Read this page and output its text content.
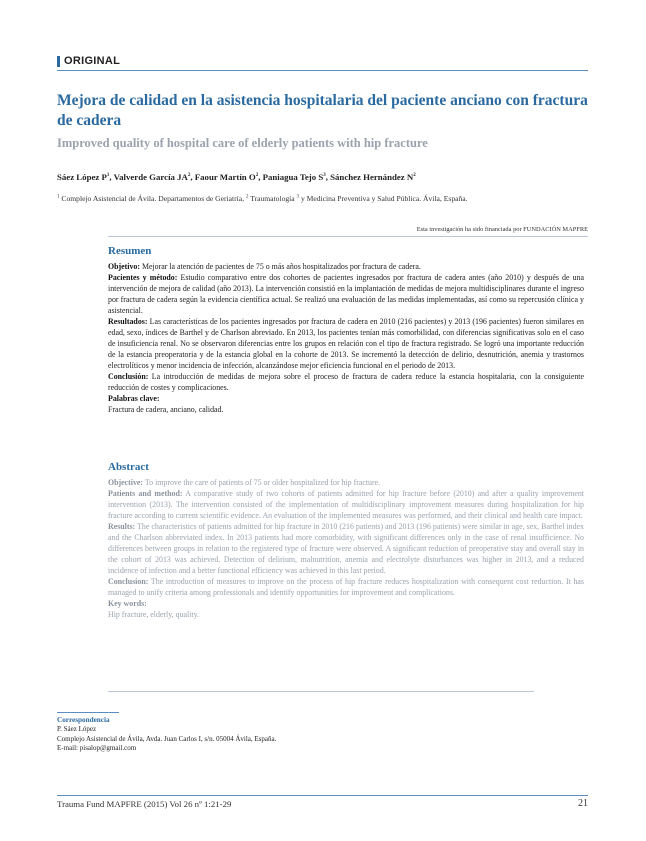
ORIGINAL
Mejora de calidad en la asistencia hospitalaria del paciente anciano con fractura de cadera
Improved quality of hospital care of elderly patients with hip fracture
Sáez López $P^1$, Valverde García $JA^2$, Faour Martín $O^2$, Paniagua Tejo $S^3$, Sánchez Hernández $N^2$
$^1$ Complejo Asistencial de Ávila. Departamentos de Geriatría, $^2$ Traumatología $^3$ y Medicina Preventiva y Salud Pública. Ávila, España.
Esta investigación ha sido financiada por FUNDACIÓN MAPFRE
Resumen

Objetivo: Mejorar la atención de pacientes de 75 o más años hospitalizados por fractura de cadera.

Pacientes y método: Estudio comparativo entre dos cohortes de pacientes ingresados por fractura de cadera antes (año 2010) y después de una intervención de mejora de calidad (año 2013). La intervención consistió en la implantación de medidas de mejora multidisciplinares durante el ingreso por fractura de cadera según la evidencia científica actual. Se realizó una evaluación de las medidas implementadas, así como su repercusión clínica y asistencial.

Resultados: Las características de los pacientes ingresados por fractura de cadera en 2010 (216 pacientes) y 2013 (196 pacientes) fueron similares en edad, sexo, índices de Barthel y de Charlson abreviado. En 2013, los pacientes tenían más comorbilidad, con diferencias significativas solo en el caso de insuficiencia renal. No se observaron diferencias entre los grupos en relación con el tipo de fractura registrado. Se logró una importante reducción de la estancia preoperatoria y de la estancia global en la cohorte de 2013. Se incrementó la detección de delirio, desnutrición, anemia y trastornos electrolíticos y menor incidencia de infección, alcanzándose mejor eficiencia funcional en el periodo de 2013.

Conclusión: La introducción de medidas de mejora sobre el proceso de fractura de cadera reduce la estancia hospitalaria, con la consiguiente reducción de costes y complicaciones.

Palabras clave:

Fractura de cadera, anciano, calidad.

Abstract

Objective: To improve the care of patients of 75 or older hospitalized for hip fracture.

Patients and method: A comparative study of two cohorts of patients admitted for hip fracture before (2010) and after a quality improvement intervention (2013). The intervention consisted of the implementation of multidisciplinary improvement measures during hospitalization for hip fracture according to current scientific evidence. An evaluation of the implemented measures was performed, and their clinical and health care impact.

Results: The characteristics of patients admitted for hip fracture in 2010 (216 patients) and 2013 (196 patients) were similar in age, sex, Barthel index and the Charlson abbreviated index. In 2013 patients had more comorbidity, with significant differences only in the case of renal insufficience. No differences between groups in relation to the registered type of fracture were observed. A significant reduction of preoperative stay and overall stay in the cohort of 2013 was achieved. Detection of delirium, malnutrition, anemia and electrolyte disturbances was higher in 2013, and a reduced incidence of infection and a better functional efficiency was achieved in this last period.

Conclusion: The introduction of measures to improve on the process of hip fracture reduces hospitalization with consequent cost reduction. It has managed to unify criteria among professionals and identify opportunities for improvement and complications.

Key words:

Hip fracture, elderly, quality.

Correspondencia
P. Sáez López
Complejo Asistencial de Ávila, Avda. Juan Carlos I, s/n. 05004 Ávila, España.
E-mail: pisalop@gmail.com
Trauma Fund MAPFRE (2015) Vol 26 nº 1:21-29	21
